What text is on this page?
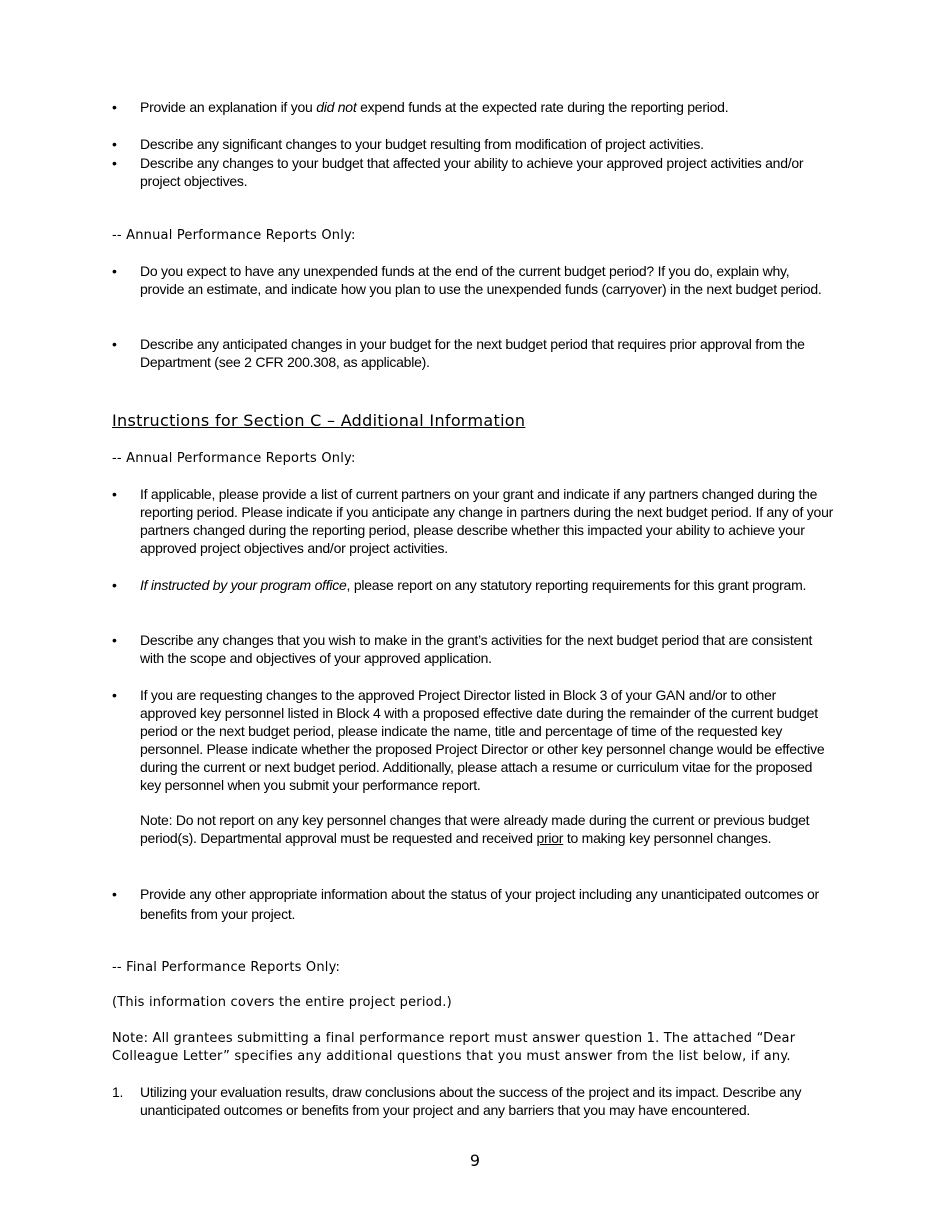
•	Provide an explanation if you did not expend funds at the expected rate during the reporting period.
•	Describe any significant changes to your budget resulting from modification of project activities.
•	Describe any changes to your budget that affected your ability to achieve your approved project activities and/or project objectives.
-- Annual Performance Reports Only:
•	Do you expect to have any unexpended funds at the end of the current budget period? If you do, explain why, provide an estimate, and indicate how you plan to use the unexpended funds (carryover) in the next budget period.
•	Describe any anticipated changes in your budget for the next budget period that requires prior approval from the Department (see 2 CFR 200.308, as applicable).
Instructions for Section C – Additional Information
-- Annual Performance Reports Only:
•	If applicable, please provide a list of current partners on your grant and indicate if any partners changed during the reporting period. Please indicate if you anticipate any change in partners during the next budget period. If any of your partners changed during the reporting period, please describe whether this impacted your ability to achieve your approved project objectives and/or project activities.
•	If instructed by your program office, please report on any statutory reporting requirements for this grant program.
•	Describe any changes that you wish to make in the grant’s activities for the next budget period that are consistent with the scope and objectives of your approved application.
•	If you are requesting changes to the approved Project Director listed in Block 3 of your GAN and/or to other approved key personnel listed in Block 4 with a proposed effective date during the remainder of the current budget period or the next budget period, please indicate the name, title and percentage of time of the requested key personnel. Please indicate whether the proposed Project Director or other key personnel change would be effective during the current or next budget period. Additionally, please attach a resume or curriculum vitae for the proposed key personnel when you submit your performance report.
Note: Do not report on any key personnel changes that were already made during the current or previous budget period(s). Departmental approval must be requested and received prior to making key personnel changes.
•	Provide any other appropriate information about the status of your project including any unanticipated outcomes or benefits from your project.
-- Final Performance Reports Only:
(This information covers the entire project period.)
Note: All grantees submitting a final performance report must answer question 1. The attached “Dear Colleague Letter” specifies any additional questions that you must answer from the list below, if any.
1.	Utilizing your evaluation results, draw conclusions about the success of the project and its impact. Describe any unanticipated outcomes or benefits from your project and any barriers that you may have encountered.
9
